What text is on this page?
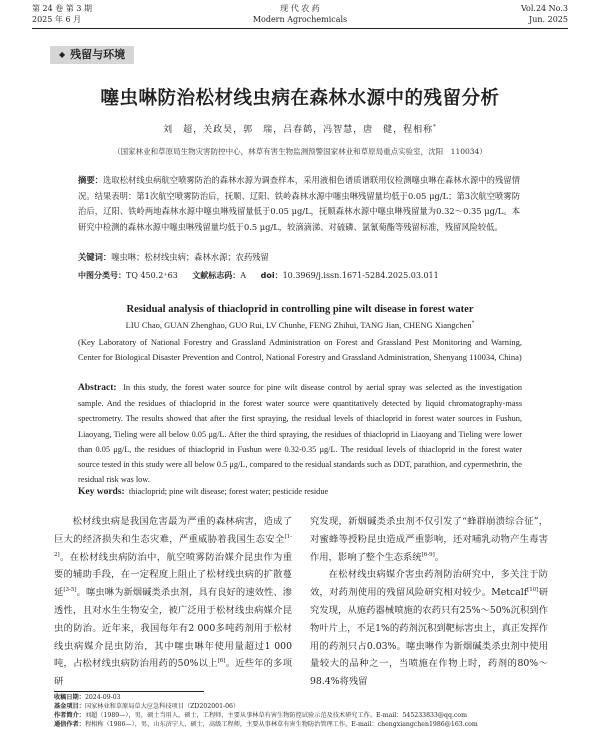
第 24 卷 第 3 期	现 代 农 药	Vol.24 No.3
2025 年 6 月	Modern Agrochemicals	Jun. 2025
◆ 残留与环境
噻虫啉防治松材线虫病在森林水源中的残留分析
刘　超，关政昊，郭　瑞，吕春鹤，冯智慧，唐　健，程相称*
（国家林业和草原局生物灾害防控中心，林草有害生物监测预警国家林业和草原局重点实验室，沈阳　110034）
摘要：选取松材线虫病航空喷雾防治的森林水源为调查样本，采用液相色谱质谱联用仪检测噻虫啉在森林水源中的残留情况。结果表明：第1次航空喷雾防治后，抚顺、辽阳、铁岭森林水源中噻虫啉残留量均低于0.05 μg/L；第3次航空喷雾防治后，辽阳、铁岭两地森林水源中噻虫啉残留量低于0.05 μg/L，抚顺森林水源中噻虫啉残留量为0.32～0.35 μg/L。本研究中检测的森林水源中噻虫啉残留量均低于0.5 μg/L，较滴滴涕、对硫磷、氯氰菊酯等残留标准，残留风险较低。
关键词：噻虫啉；松材线虫病；森林水源；农药残留
中图分类号：TQ 450.2⁺63 文献标志码：A doi：10.3969/j.issn.1671-5284.2025.03.011
Residual analysis of thiacloprid in controlling pine wilt disease in forest water
LIU Chao, GUAN Zhenghao, GUO Rui, LV Chunhe, FENG Zhihui, TANG Jian, CHENG Xiangchen*
(Key Laboratory of National Forestry and Grassland Administration on Forest and Grassland Pest Monitoring and Warning, Center for Biological Disaster Prevention and Control, National Forestry and Grassland Administration, Shenyang 110034, China)
Abstract: In this study, the forest water source for pine wilt disease control by aerial spray was selected as the investigation sample. And the residues of thiacloprid in the forest water source were quantitatively detected by liquid chromatography-mass spectrometry. The results showed that after the first spraying, the residual levels of thiacloprid in forest water sources in Fushun, Liaoyang, Tieling were all below 0.05 μg/L. After the third spraying, the residues of thiacloprid in Liaoyang and Tieling were lower than 0.05 μg/L, the residues of thiacloprid in Fushun were 0.32-0.35 μg/L. The residual levels of thiacloprid in the forest water source tested in this study were all below 0.5 μg/L, compared to the residual standards such as DDT, parathion, and cypermethrin, the residual risk was low.
Key words: thiacloprid; pine wilt disease; forest water; pesticide residue

松材线虫病是我国危害最为严重的森林病害，造成了巨大的经济损失和生态灾难，严重威胁着我国生态安全[1-2]。在松材线虫病防治中，航空喷雾防治媒介昆虫作为重要的辅助手段，在一定程度上阻止了松材线虫病的扩散蔓延[3-5]。噻虫啉为新烟碱类杀虫剂，具有良好的速效性、渗透性，且对水生生物安全，被广泛用于松材线虫病媒介昆虫的防治。近年来，我国每年有2 000多吨药剂用于松材线虫病媒介昆虫防治，其中噻虫啉年使用量超过1 000吨，占松材线虫病防治用药的50%以上[6]。近些年的多项研

究发现，新烟碱类杀虫剂不仅引发了“蜂群崩溃综合征”，对蜜蜂等授粉昆虫造成严重影响，还对哺乳动物产生毒害作用，影响了整个生态系统[6-9]。

在松材线虫病媒介害虫药剂防治研究中，多关注于防效，对药剂使用的残留风险研究相对较少。Metcalf[10]研究发现，从施药器械喷施的农药只有25%～50%沉积到作物叶片上，不足1%的药剂沉积到靶标害虫上，真正发挥作用的药剂只占0.03%。噻虫啉作为新烟碱类杀虫剂中使用量较大的品种之一，当喷施在作物上时，药剂的80%～98.4%将残留

收稿日期：2024-09-03
基金项目：国家林业和草原局草大应急科技项目（ZD202001-06）
作者简介：刘超（1989—），男，硕士当用人，硕士，工程师，主要从事林草有害生物防控试验示范及技术研究工作。E-mail：545233833@qq.com
通信作者：程相称（1986—），男，山东济宁人，硕士，高级工程师，主要从事林草有害生物防治管理工作。E-mail：chengxiangchen1986@163.com
